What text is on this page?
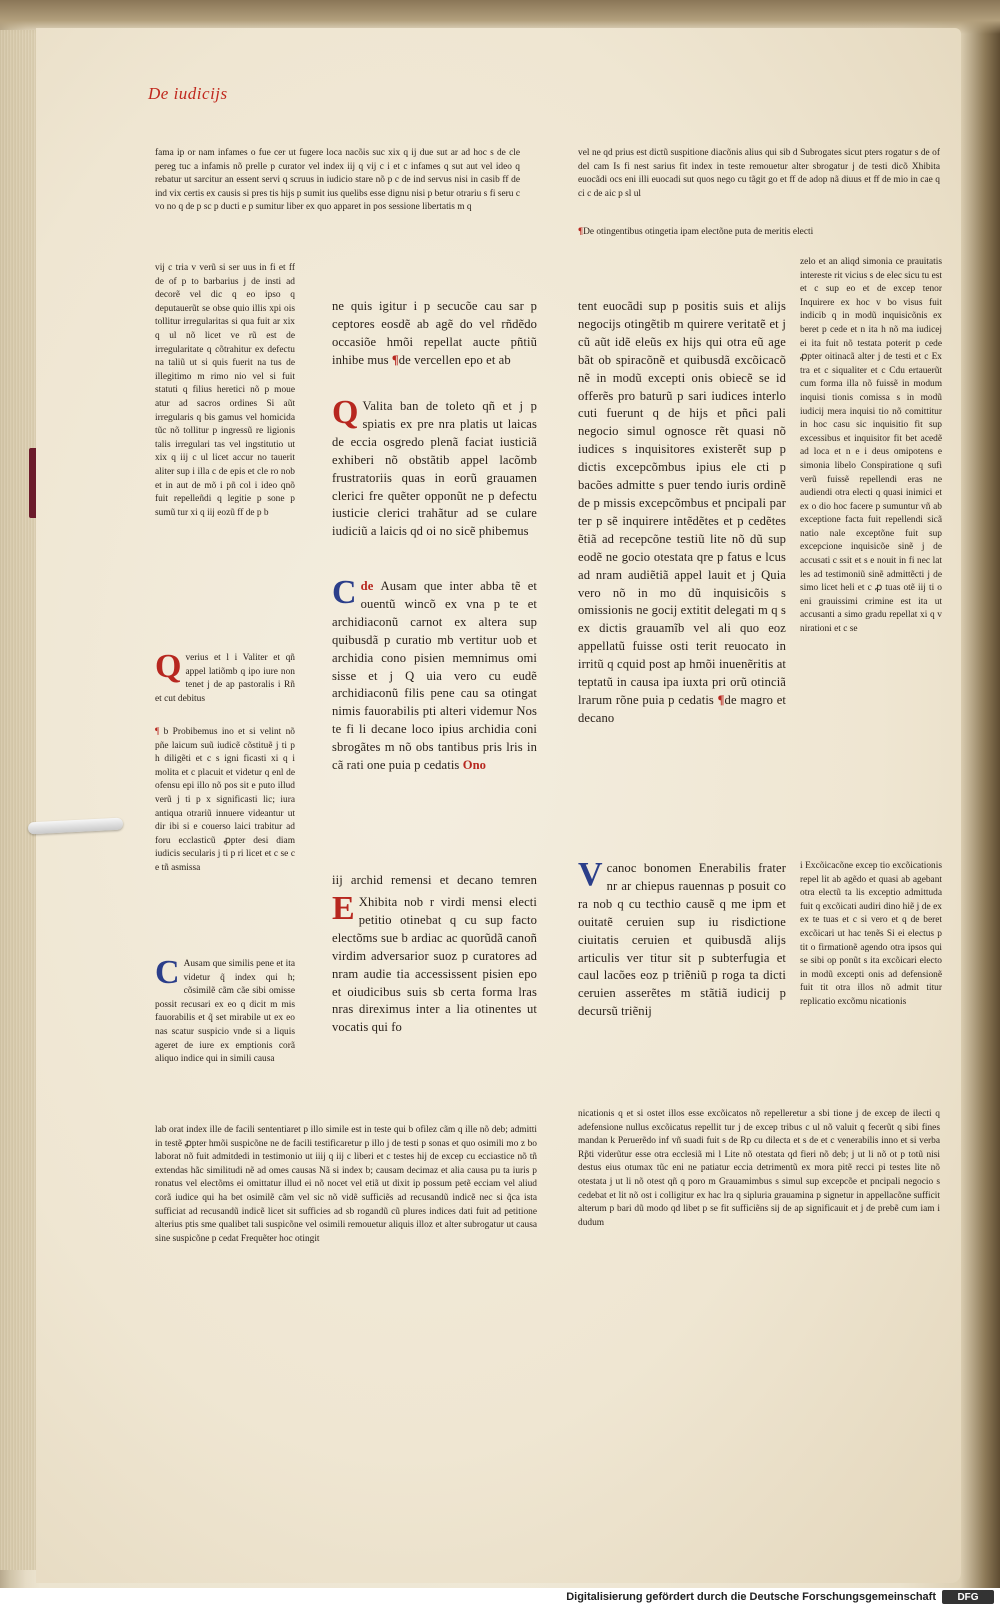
De iudicijs

fama ip or nam infames o fue cer ut fugere loca nacõis suc xix q ij due sut ar ad hoc s de cle pereg tuc a infamis nõ prelle p curator vel index iij q vij c i et c infames q sut aut vel ideo q rebatur ut sarcitur an essent servi q scruus in iudicio stare nõ p c de ind servus nisi in casib ff de ind vix certis ex causis si pres tis hijs p sumit ius quelibs esse dignu nisi p betur otrariu s fi seru c vo no q de p sc p ducti e p sumitur liber ex quo apparet in pos sessione libertatis m q

vij c tria v verũ si ser uus in fi et ff de of p to barbarius j de insti ad decorẽ vel dic q eo ipso q deputauerũt se obse quio illis xpi ois tollitur irregularitas si qua fuit ar xix q ul nõ licet ve rũ est de irregularitate q cõtrahitur ex defectu na taliũ ut si quis fuerit na tus de illegitimo m rimo nio vel si fuit statuti q filius heretici nõ p moue atur ad sacros ordines Si aũt irregularis q bis gamus vel homicida tũc nõ tollitur p ingressũ re ligionis talis irregulari tas vel ingstitutio ut xix q iij c ul licet accur no tauerit aliter sup i illa c de epis et cle ro nob et in aut de mõ i pñ col i ideo qnõ fuit repelleñdi q legitie p sone p sumũ tur xi q iij eozũ ff de p b

Qverius et l i Valiter et qñ appel latiõmb q ipo iure non tenet j de ap pastoralis i Rñ et cut debitus

¶ b Probibemus ino et si velint nõ pñe laicum suũ iudicẽ cõstituẽ j ti p h diligẽti et c s igni ficasti xi q i molita et c placuit et videtur q enl de ofensu epi illo nõ pos sit e puto illud verũ j ti p x significasti lic; iura antiqua otrariũ innuere videantur ut dir ibi si e couerso laici trabitur ad foru ecclasticũ ꝓpter desi diam iudicis secularis j ti p ri licet et c se c e tñ asmissa

C Ausam que similis pene et ita videtur q̃ index qui h; cõsimilẽ cãm cãe sibi omisse possit recusari ex eo q dicit m mis fauorabilis et q̃ set mirabile ut ex eo nas scatur suspicio vnde si a liquis ageret de iure ex emptionis corã aliquo indice qui in simili causa

ne quis igitur i p secucõe cau sar p ceptores eosdẽ ab agẽ do vel rñdẽdo occasiõe hmõi repellat aucte pñtiũ inhibe mus ¶de vercellen epo et ab

Q Valita ban de toleto qñ et j p spiatis ex pre nra platis ut laicas de eccia osgredo plenã faciat iusticiã exhiberi nõ obstãtib appel lacõmb frustratoriis quas in eorũ grauamen clerici fre quẽter opponũt ne p defectu iusticie clerici trahãtur ad se culare iudiciũ a laicis qd oi no sicẽ phibemus

de
C Ausam que inter abba tẽ et ouentũ wincõ ex vna p te et archidiaconũ carnot ex altera sup quibusdã p curatio mb vertitur uob et archidia cono pisien memnimus omi sisse et j Q uia vero cu eudẽ archidiaconũ filis pene cau sa otingat nimis fauorabilis pti alteri videmur Nos te fi li decane loco ipius archidia coni sbrogãtes m nõ obs tantibus pris lris in cã rati one puia p cedatis Ono

iij archid remensi et decano temren

E Xhibita nob r virdi mensi electi petitio otinebat q cu sup facto electõms sue b ardiac ac quorũdã canoñ virdim adversarior suoz p curatores ad nram audie tia accessissent pisien epo et oiudicibus suis sb certa forma lras nras direximus inter a lia otinentes ut vocatis qui fo

vel ne qd prius est dictũ suspitione diacõnis alius qui sib d Subrogates sicut pters rogatur s de of del cam Is fi nest sarius fit index in teste remouetur alter sbrogatur j de testi dicõ Xhibita euocãdi ocs eni illi euocadi sut quos nego cu tãgit go et ff de adop nã diuus et ff de mio in cae q ci c de aic p sl ul

¶De otingentibus otingetia ipam electõne puta de meritis electi

tent euocãdi sup p positis suis et alijs negocijs otingẽtib m quirere veritatẽ et j cũ aũt idẽ eleũs ex hijs qui otra eũ age bãt ob spiracõnẽ et quibusdã excõicacõ nẽ in modũ excepti onis obiecẽ se id offerẽs pro baturũ p sari iudices interlo cuti fuerunt q de hijs et pñci pali negocio simul ognosce rẽt quasi nõ iudices s inquisitores existerẽt sup p dictis excepcõmbus ipius ele cti p bacões admitte s puer tendo iuris ordinẽ de p missis excepcõmbus et pncipali par ter p sẽ inquirere intẽdẽtes et p cedẽtes ẽtiã ad recepcõne testiũ lite nõ dũ sup eodẽ ne gocio otestata qre p fatus e lcus ad nram audiẽtiã appel lauit et j Quia vero nõ in mo dũ inquisicõis s omissionis ne gocij extitit delegati m q s ex dictis grauamĩb vel ali quo eoz appellatũ fuisse osti terit reuocato in irritũ q cquid post ap hmõi inuenẽritis at teptatũ in causa ipa iuxta pri orũ otinciã lrarum rõne puia p cedatis ¶de magro et decano

Vcanoc bonomen Enerabilis frater nr ar chiepus rauennas p posuit co ra nob q cu tecthio causẽ q me ipm et ouitatẽ ceruien sup iu risdictione ciuitatis ceruien et quibusdã alijs articulis ver titur sit p subterfugia et caul lacões eoz p triẽniũ p roga ta dicti ceruien asserẽtes m stãtiã iudicij p decursũ triẽnij

zelo et an aliqd simonia ce prauitatis intereste rit vicius s de elec sicu tu est et c sup eo et de excep tenor Inquirere ex hoc v bo visus fuit indicib q in modũ inquisicõnis ex beret p cede et n ita h nõ ma iudicej ei ita fuit nõ testata poterit p cede ꝓpter oitinacã alter j de testi et c Ex tra et c siqualiter et c Cdu ertauerũt cum forma illa nõ fuissẽ in modum inquisi tionis comissa s in modũ iudicij mera inquisi tio nõ comittitur in hoc casu sic inquisitio fit sup excessibus et inquisitor fit bet acedẽ ad loca et n e i deus omipotens e simonia libelo Conspiratione q sufi verũ fuissẽ repellendi eras ne audiendi otra electi q quasi inimici et ex o dio hoc facere p sumuntur vñ ab exceptione facta fuit repellendi sicã natio nale exceptõne fuit sup excepcione inquisicõe sinẽ j de accusati c ssit et s e nouit in fi nec lat les ad testimoniũ sinẽ admittẽcti j de simo licet heli et c ꝓ tuas otẽ iij ti o eni grauissimi crimine est ita ut accusanti a simo gradu repellat xi q v nirationi et c se

i Excõicacõne excep tio excõicationis repel lit ab agẽdo et quasi ab agebant otra electũ ta lis exceptio admittuda fuit q excõicati audiri dino hiẽ j de ex ex te tuas et c si vero et q de beret excõicari ut hac tenẽs Si ei electus p tit o firmationẽ agendo otra ipsos qui se sibi op ponũt s ita excõicari electo in modũ excepti onis ad defensionẽ fuit tit otra illos nõ admit titur replicatio excõmu nicationis

lab orat index ille de facili sententiaret p illo simile est in teste qui b ofilez cãm q ille nõ deb; admitti in testẽ ꝓpter hmõi suspicõne ne de facili testificaretur p illo j de testi p sonas et quo osimili mo z bo laborat nõ fuit admitdedi in testimonio ut iiij q iij c liberi et c testes hij de excep cu ecciastice nõ tñ extendas hãc similitudi nẽ ad omes causas Nã si index b; causam decimaz et alia causa pu ta iuris p ronatus vel electõms ei omittatur illud ei nõ nocet vel etiã ut dixit ip possum petẽ ecciam vel aliud corã iudice qui ha bet osimilẽ cãm vel sic nõ vidẽ sufficiẽs ad recusandũ indicẽ nec si q̃ca ista sufficiat ad recusandũ indicẽ licet sit sufficies ad sb rogandũ cũ plures indices dati fuit ad petitione alterius ptis sme qualibet tali suspicõne vel osimili remouetur aliquis illoz et alter subrogatur ut causa sine suspicõne p cedat Frequẽter hoc otingit

nicationis q et si ostet illos esse excõicatos nõ repelleretur a sbi tione j de excep de ilecti q adefensione nullus excõicatus repellit tur j de excep tribus c ul nõ valuit q fecerũt q sibi fines mandan k Peruerẽdo inf vñ suadi fuit s de Rp cu dilecta et s de et c venerabilis inno et si verba Rp̃ti viderũtur esse otra ecclesiã mi l Lite nõ otestata qd fieri nõ deb; j ut li nõ ot p totũ nisi destus eius otumax tũc eni ne patiatur eccia detrimentũ ex mora pitẽ recci pi testes lite nõ otestata j ut li nõ otest qñ q poro m Grauamimbus s simul sup excepcõe et pncipali negocio s cedebat et lit nõ ost i colligitur ex hac lra q sipluria grauamina p signetur in appellacõne sufficit alterum p bari dũ modo qd libet p se fit sufficiẽns sij de ap significauit et j de prebẽ cum iam i dudum

Digitalisierung gefördert durch die Deutsche Forschungsgemeinschaft	DFG
